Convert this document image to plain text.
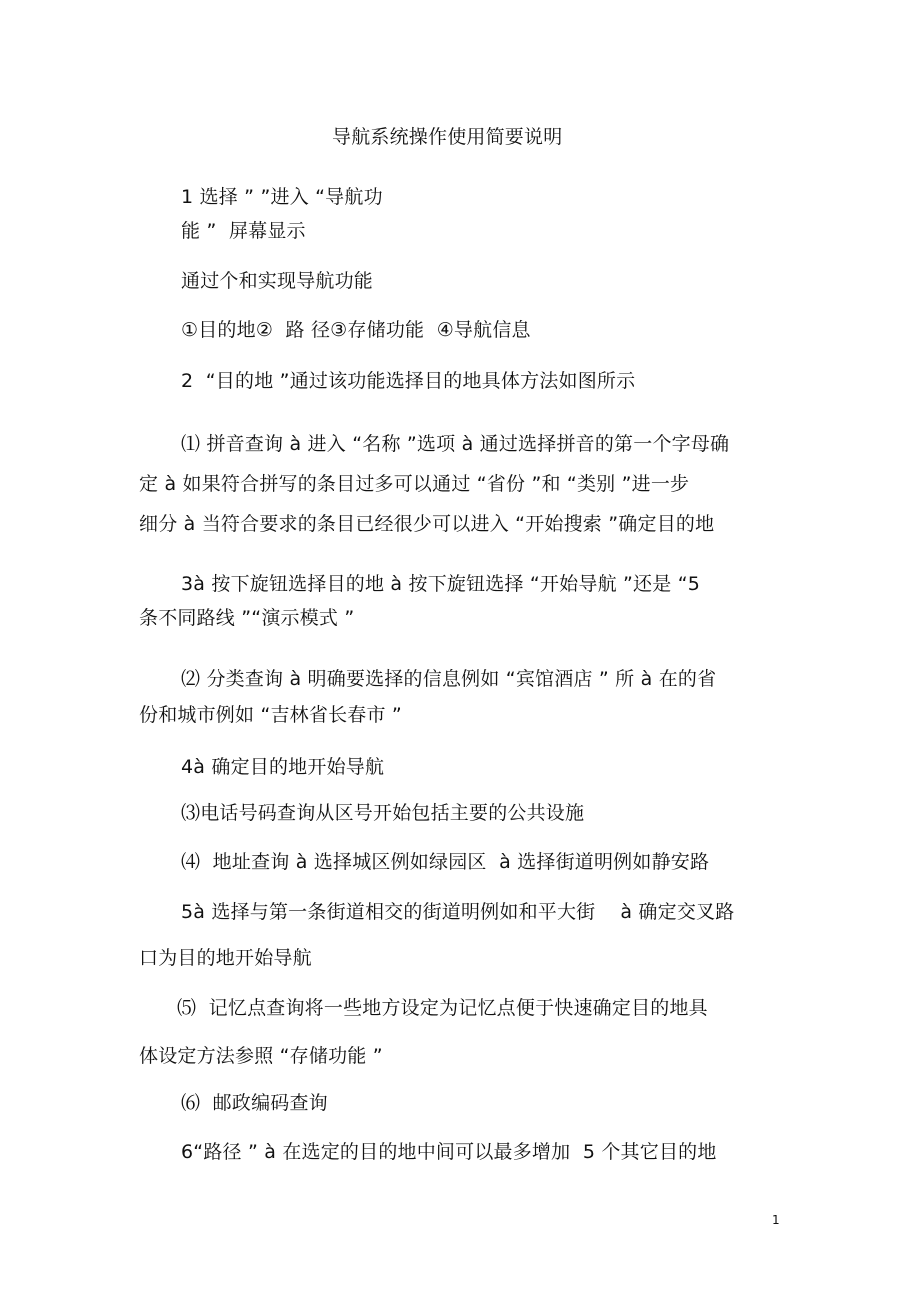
导航系统操作使用简要说明
1 选择 ” ”进入 “导航功
能 ”  屏幕显示
通过个和实现导航功能
①目的地②  路 径③存储功能  ④导航信息
2  “目的地 ”通过该功能选择目的地具体方法如图所示
⑴ 拼音查询 à 进入 “名称 ”选项 à 通过选择拼音的第一个字母确
定 à 如果符合拼写的条目过多可以通过 “省份 ”和 “类别 ”进一步
细分 à 当符合要求的条目已经很少可以进入 “开始搜索 ”确定目的地
3à 按下旋钮选择目的地 à 按下旋钮选择 “开始导航 ”还是 “5
条不同路线 ”“演示模式 ”
⑵ 分类查询 à 明确要选择的信息例如 “宾馆酒店 ” 所 à 在的省
份和城市例如 “吉林省长春市 ”
4à 确定目的地开始导航
⑶电话号码查询从区号开始包括主要的公共设施
⑷  地址查询 à 选择城区例如绿园区  à 选择街道明例如静安路
5à 选择与第一条街道相交的街道明例如和平大街    à 确定交叉路
口为目的地开始导航
⑸  记忆点查询将一些地方设定为记忆点便于快速确定目的地具
体设定方法参照 “存储功能 ”
⑹  邮政编码查询
6“路径 ” à 在选定的目的地中间可以最多增加  5 个其它目的地
1
